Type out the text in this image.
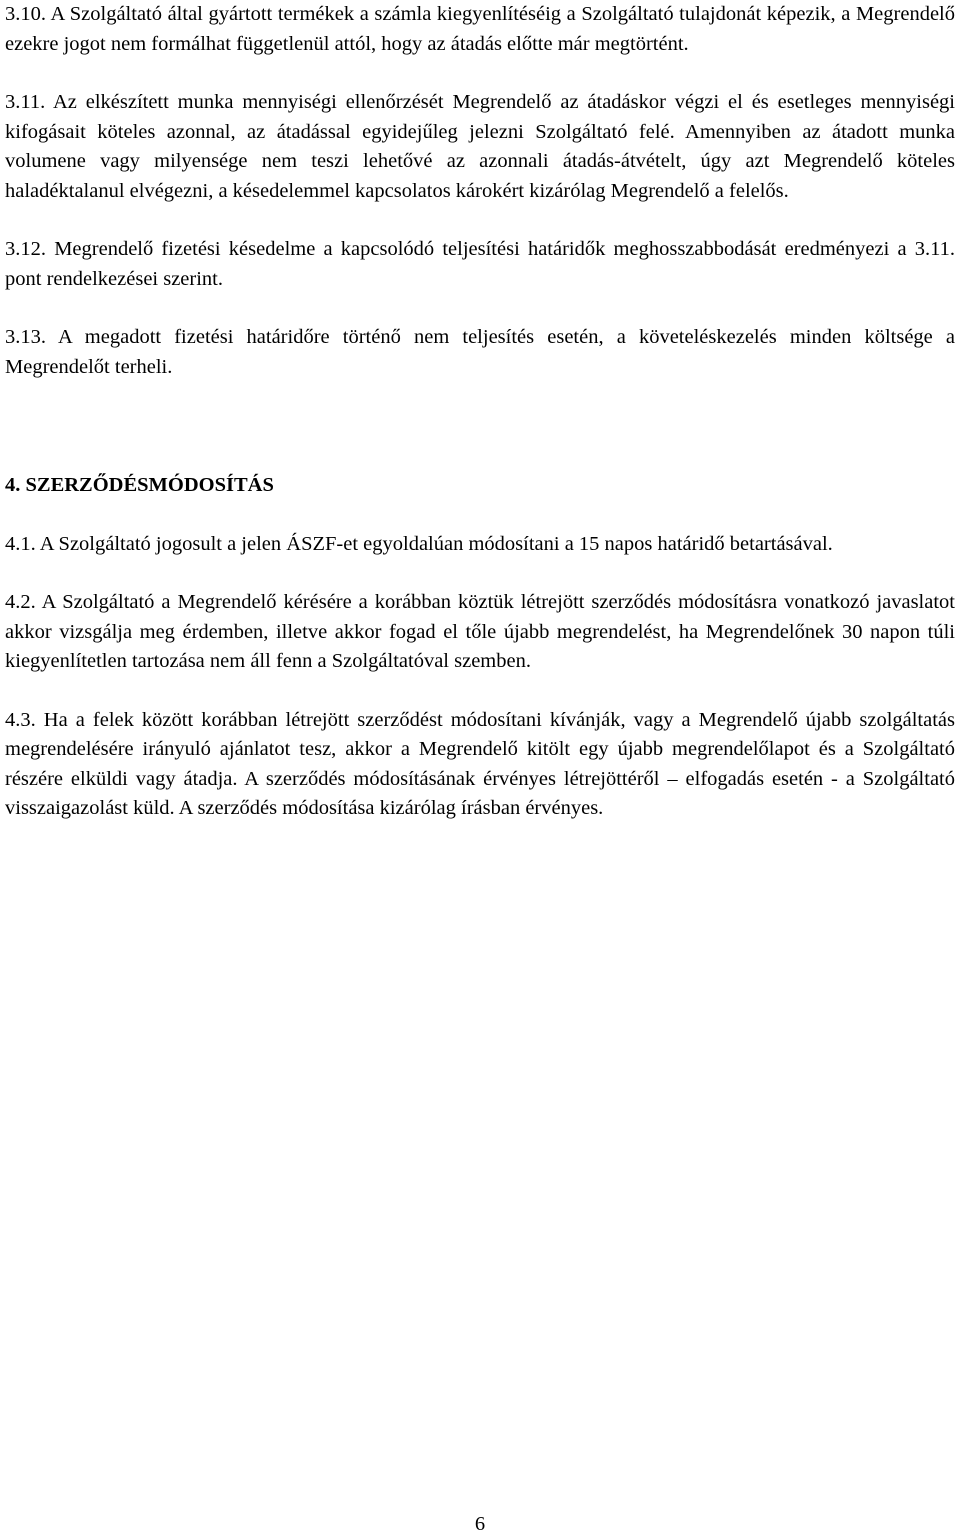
3.10. A Szolgáltató által gyártott termékek a számla kiegyenlítéséig a Szolgáltató tulajdonát képezik, a Megrendelő ezekre jogot nem formálhat függetlenül attól, hogy az átadás előtte már megtörtént.

3.11. Az elkészített munka mennyiségi ellenőrzését Megrendelő az átadáskor végzi el és esetleges mennyiségi kifogásait köteles azonnal, az átadással egyidejűleg jelezni Szolgáltató felé. Amennyiben az átadott munka volumene vagy milyensége nem teszi lehetővé az azonnali átadás-átvételt, úgy azt Megrendelő köteles haladéktalanul elvégezni, a késedelemmel kapcsolatos károkért kizárólag Megrendelő a felelős.

3.12. Megrendelő fizetési késedelme a kapcsolódó teljesítési határidők meghosszabbodását eredményezi a 3.11. pont rendelkezései szerint.

3.13. A megadott fizetési határidőre történő nem teljesítés esetén, a követeléskezelés minden költsége a Megrendelőt terheli.

4. SZERZŐDÉSMÓDOSÍTÁS

4.1. A Szolgáltató jogosult a jelen ÁSZF-et egyoldalúan módosítani a 15 napos határidő betartásával.

4.2. A Szolgáltató a Megrendelő kérésére a korábban köztük létrejött szerződés módosításra vonatkozó javaslatot akkor vizsgálja meg érdemben, illetve akkor fogad el tőle újabb megrendelést, ha Megrendelőnek 30 napon túli kiegyenlítetlen tartozása nem áll fenn a Szolgáltatóval szemben.

4.3. Ha a felek között korábban létrejött szerződést módosítani kívánják, vagy a Megrendelő újabb szolgáltatás megrendelésére irányuló ajánlatot tesz, akkor a Megrendelő kitölt egy újabb megrendelőlapot és a Szolgáltató részére elküldi vagy átadja. A szerződés módosításának érvényes létrejöttéről – elfogadás esetén - a Szolgáltató visszaigazolást küld. A szerződés módosítása kizárólag írásban érvényes.

6
